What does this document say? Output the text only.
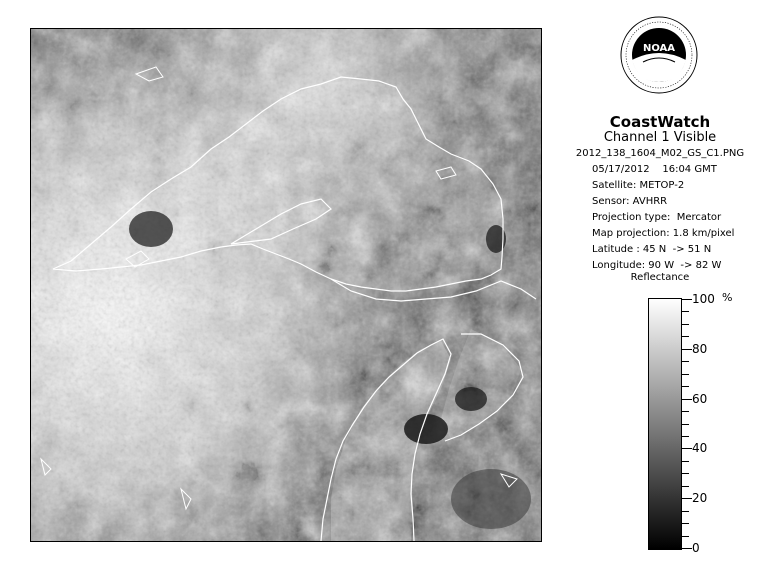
NOAA
CoastWatch
Channel 1 Visible
2012_138_1604_M02_GS_C1.PNG
05/17/2012    16:04 GMT
Satellite: METOP-2
Sensor: AVHRR
Projection type:  Mercator
Map projection: 1.8 km/pixel
Latitude : 45 N  -> 51 N
Longitude: 90 W  -> 82 W
Reflectance
100
80
60
40
20
0
%
